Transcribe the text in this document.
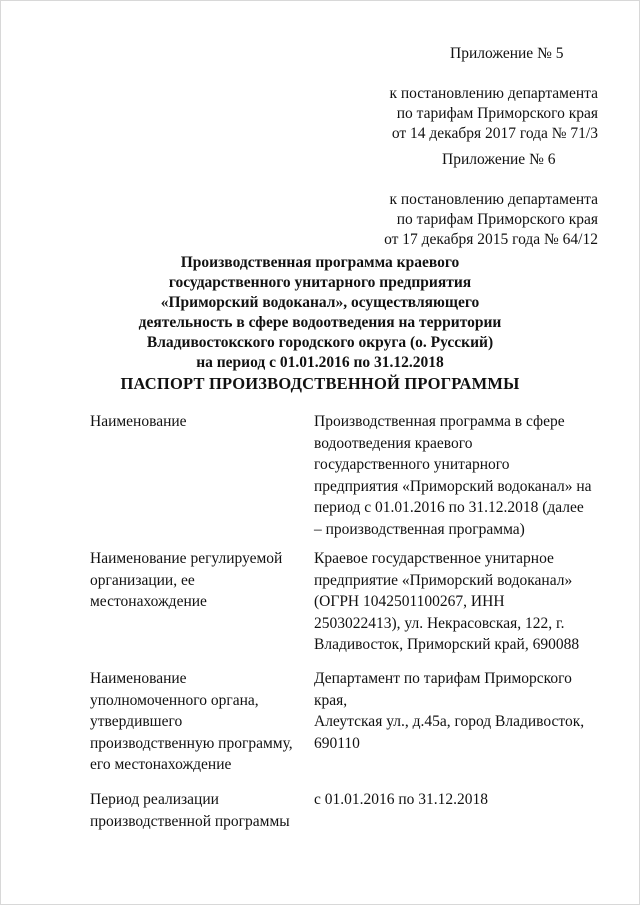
Приложение № 5
к постановлению департамента
по тарифам Приморского края
от 14 декабря 2017 года № 71/3
Приложение № 6
к постановлению департамента
по тарифам Приморского края
от 17 декабря 2015 года № 64/12
Производственная программа краевого
государственного унитарного предприятия
«Приморский водоканал», осуществляющего
деятельность в сфере водоотведения на территории
Владивостокского городского округа (о. Русский)
на период с 01.01.2016 по 31.12.2018
ПАСПОРТ ПРОИЗВОДСТВЕННОЙ ПРОГРАММЫ
Наименование	Производственная программа в сфере
водоотведения краевого
государственного унитарного
предприятия «Приморский водоканал» на
период с 01.01.2016 по 31.12.2018 (далее
– производственная программа)
Наименование регулируемой
организации, ее
местонахождение
Краевое государственное унитарное
предприятие «Приморский водоканал»
(ОГРН 1042501100267, ИНН
2503022413), ул. Некрасовская, 122, г.
Владивосток, Приморский край, 690088
Наименование
уполномоченного органа,
утвердившего
производственную программу,
его местонахождение
Департамент по тарифам Приморского
края,
Алеутская ул., д.45а, город Владивосток,
690110
Период реализации
производственной программы
с 01.01.2016 по 31.12.2018
